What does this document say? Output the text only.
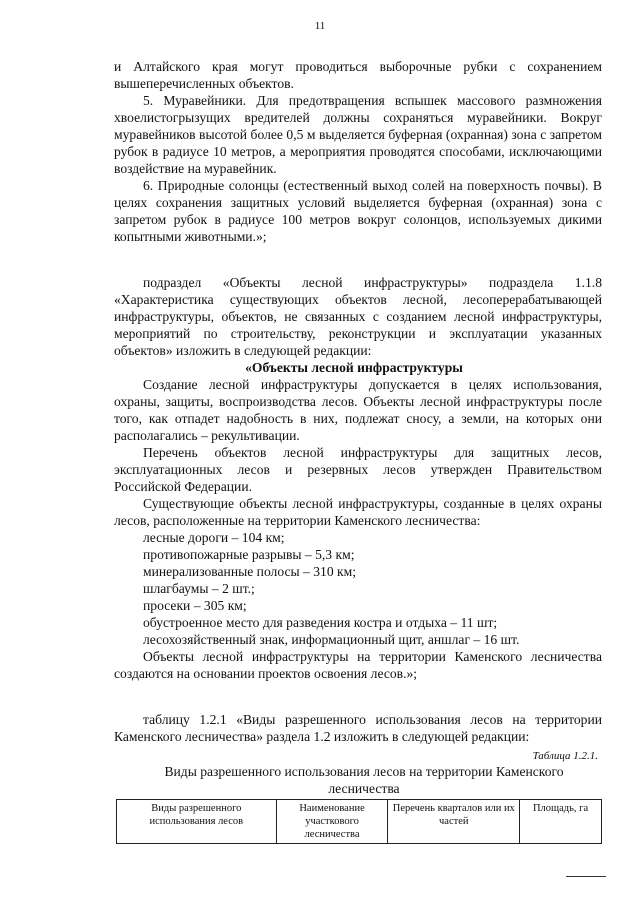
11

и Алтайского края могут проводиться выборочные рубки с сохранением вышеперечисленных объектов.

5. Муравейники. Для предотвращения вспышек массового размножения хвоелистогрызущих вредителей должны сохраняться муравейники. Вокруг муравейников высотой более 0,5 м выделяется буферная (охранная) зона с запретом рубок в радиусе 10 метров, а мероприятия проводятся способами, исключающими воздействие на муравейник.

6. Природные солонцы (естественный выход солей на поверхность почвы). В целях сохранения защитных условий выделяется буферная (охранная) зона с запретом рубок в радиусе 100 метров вокруг солонцов, используемых дикими копытными животными.»;

подраздел «Объекты лесной инфраструктуры» подраздела 1.1.8 «Характеристика существующих объектов лесной, лесоперерабатывающей инфраструктуры, объектов, не связанных с созданием лесной инфраструктуры, мероприятий по строительству, реконструкции и эксплуатации указанных объектов» изложить в следующей редакции:

«Объекты лесной инфраструктуры

Создание лесной инфраструктуры допускается в целях использования, охраны, защиты, воспроизводства лесов. Объекты лесной инфраструктуры после того, как отпадет надобность в них, подлежат сносу, а земли, на которых они располагались – рекультивации.

Перечень объектов лесной инфраструктуры для защитных лесов, эксплуатационных лесов и резервных лесов утвержден Правительством Российской Федерации.

Существующие объекты лесной инфраструктуры, созданные в целях охраны лесов, расположенные на территории Каменского лесничества:

лесные дороги – 104 км;
противопожарные разрывы – 5,3 км;
минерализованные полосы – 310 км;
шлагбаумы – 2 шт.;
просеки – 305 км;
обустроенное место для разведения костра и отдыха – 11 шт;
лесохозяйственный знак, информационный щит, аншлаг – 16 шт.

Объекты лесной инфраструктуры на территории Каменского лесничества создаются на основании проектов освоения лесов.»;

таблицу 1.2.1 «Виды разрешенного использования лесов на территории Каменского лесничества» раздела 1.2 изложить в следующей редакции:

Таблица 1.2.1.

Виды разрешенного использования лесов на территории Каменского лесничества

Виды разрешенного использования лесов	Наименование участкового лесничества	Перечень кварталов или их частей	Площадь, га
